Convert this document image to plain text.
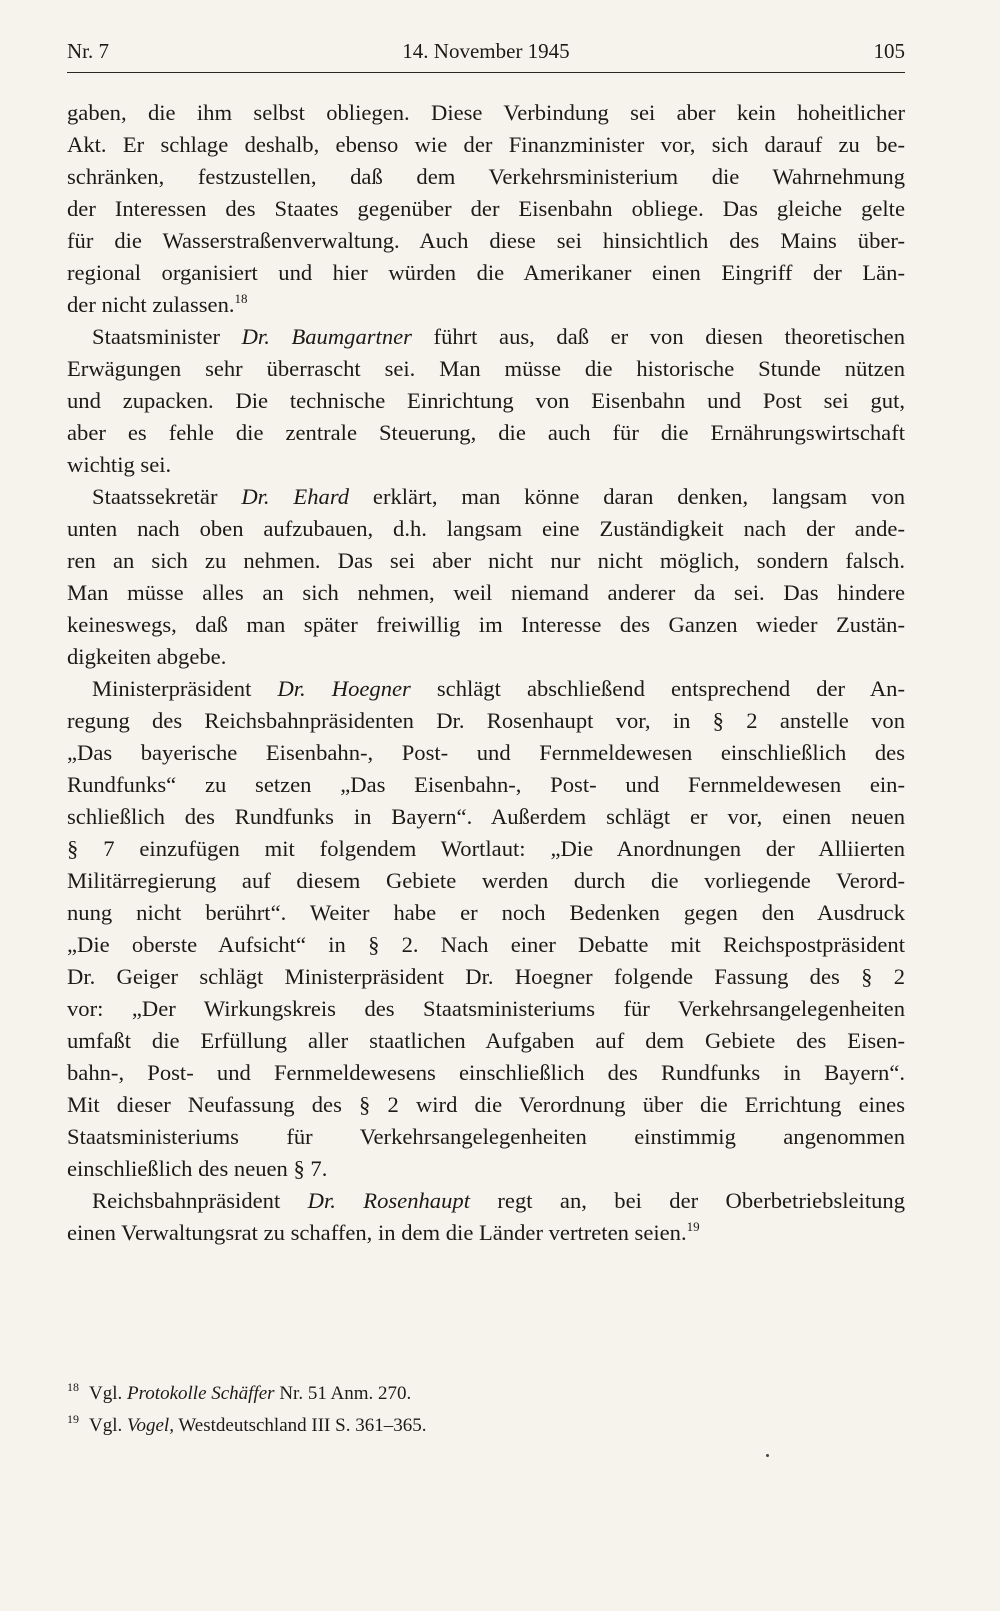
Nr. 7	14. November 1945	105

gaben, die ihm selbst obliegen. Diese Verbindung sei aber kein hoheitlicher
Akt. Er schlage deshalb, ebenso wie der Finanzminister vor, sich darauf zu be-
schränken, festzustellen, daß dem Verkehrsministerium die Wahrnehmung
der Interessen des Staates gegenüber der Eisenbahn obliege. Das gleiche gelte
für die Wasserstraßenverwaltung. Auch diese sei hinsichtlich des Mains über-
regional organisiert und hier würden die Amerikaner einen Eingriff der Län-
der nicht zulassen.$^{18}$

Staatsminister Dr. Baumgartner führt aus, daß er von diesen theoretischen
Erwägungen sehr überrascht sei. Man müsse die historische Stunde nützen
und zupacken. Die technische Einrichtung von Eisenbahn und Post sei gut,
aber es fehle die zentrale Steuerung, die auch für die Ernährungswirtschaft
wichtig sei.

Staatssekretär Dr. Ehard erklärt, man könne daran denken, langsam von
unten nach oben aufzubauen, d.h. langsam eine Zuständigkeit nach der ande-
ren an sich zu nehmen. Das sei aber nicht nur nicht möglich, sondern falsch.
Man müsse alles an sich nehmen, weil niemand anderer da sei. Das hindere
keineswegs, daß man später freiwillig im Interesse des Ganzen wieder Zustän-
digkeiten abgebe.

Ministerpräsident Dr. Hoegner schlägt abschließend entsprechend der An-
regung des Reichsbahnpräsidenten Dr. Rosenhaupt vor, in § 2 anstelle von
„Das bayerische Eisenbahn-, Post- und Fernmeldewesen einschließlich des
Rundfunks“ zu setzen „Das Eisenbahn-, Post- und Fernmeldewesen ein-
schließlich des Rundfunks in Bayern“. Außerdem schlägt er vor, einen neuen
§ 7 einzufügen mit folgendem Wortlaut: „Die Anordnungen der Alliierten
Militärregierung auf diesem Gebiete werden durch die vorliegende Verord-
nung nicht berührt“. Weiter habe er noch Bedenken gegen den Ausdruck
„Die oberste Aufsicht“ in § 2. Nach einer Debatte mit Reichspostpräsident
Dr. Geiger schlägt Ministerpräsident Dr. Hoegner folgende Fassung des § 2
vor: „Der Wirkungskreis des Staatsministeriums für Verkehrsangelegenheiten
umfaßt die Erfüllung aller staatlichen Aufgaben auf dem Gebiete des Eisen-
bahn-, Post- und Fernmeldewesens einschließlich des Rundfunks in Bayern“.
Mit dieser Neufassung des § 2 wird die Verordnung über die Errichtung eines
Staatsministeriums für Verkehrsangelegenheiten einstimmig angenommen
einschließlich des neuen § 7.

Reichsbahnpräsident Dr. Rosenhaupt regt an, bei der Oberbetriebsleitung
einen Verwaltungsrat zu schaffen, in dem die Länder vertreten seien.$^{19}$

$^{18}$ Vgl. Protokolle Schäffer Nr. 51 Anm. 270.
$^{19}$ Vgl. Vogel, Westdeutschland III S. 361–365.
